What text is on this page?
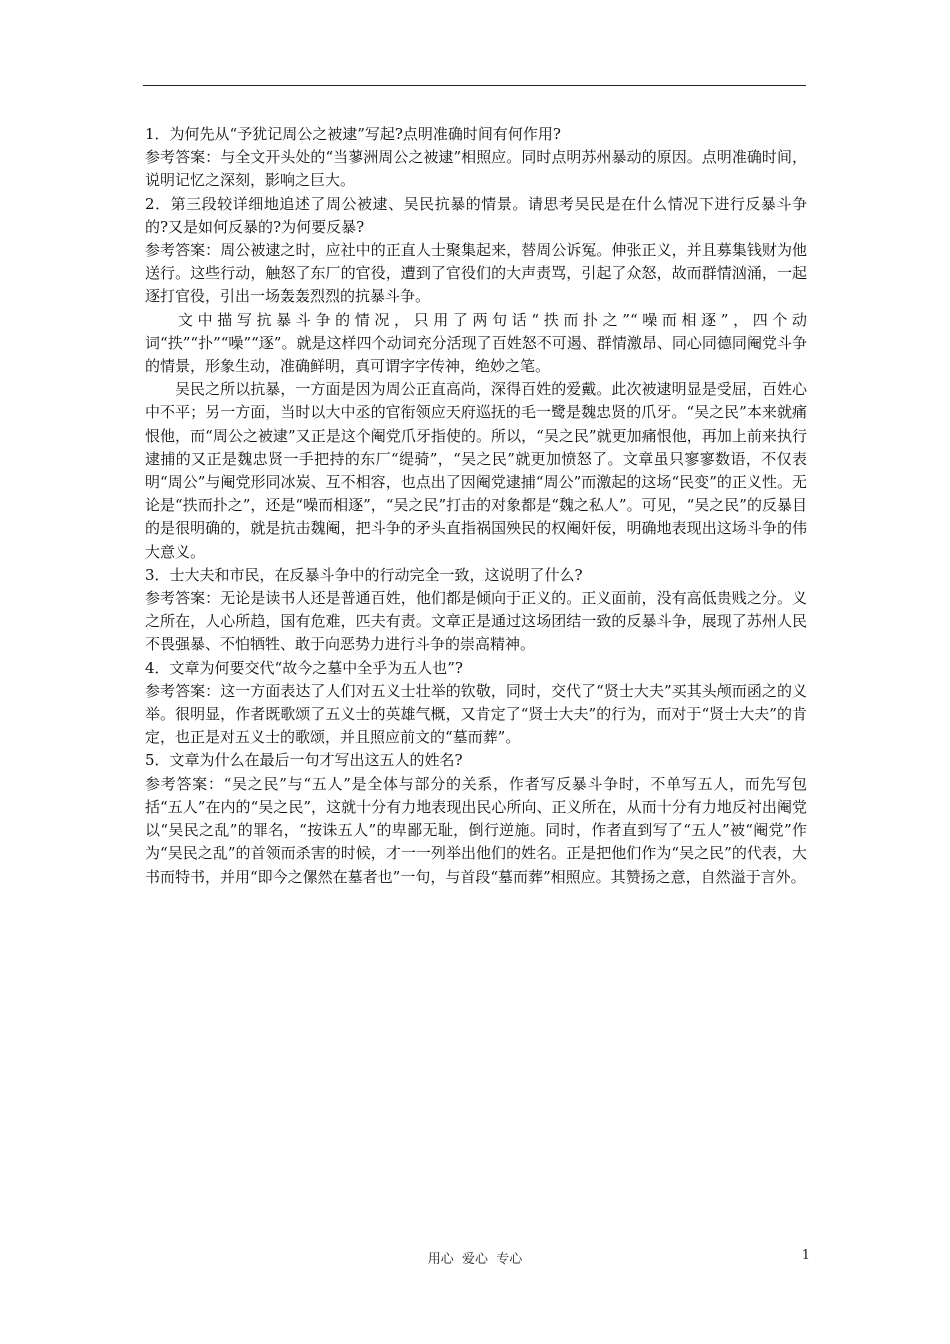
1．为何先从“予犹记周公之被逮”写起?点明准确时间有何作用?

参考答案：与全文开头处的“当蓼洲周公之被逮”相照应。同时点明苏州暴动的原因。点明准确时间，说明记忆之深刻，影响之巨大。

2．第三段较详细地追述了周公被逮、吴民抗暴的情景。请思考吴民是在什么情况下进行反暴斗争的?又是如何反暴的?为何要反暴?

参考答案：周公被逮之时，应社中的正直人士聚集起来，替周公诉冤。伸张正义，并且募集钱财为他送行。这些行动，触怒了东厂的官役，遭到了官役们的大声责骂，引起了众怒，故而群情汹涌，一起逐打官役，引出一场轰轰烈烈的抗暴斗争。

文中描写抗暴斗争的情况，只用了两句话“抶而扑之”“噪而相逐”，四个动词“抶”“扑”“噪”“逐”。就是这样四个动词充分活现了百姓怒不可遏、群情激昂、同心同德同阉党斗争的情景，形象生动，准确鲜明，真可谓字字传神，绝妙之笔。

吴民之所以抗暴，一方面是因为周公正直高尚，深得百姓的爱戴。此次被逮明显是受屈，百姓心中不平；另一方面，当时以大中丞的官衔领应天府巡抚的毛一鹭是魏忠贤的爪牙。“吴之民”本来就痛恨他，而“周公之被逮”又正是这个阉党爪牙指使的。所以，“吴之民”就更加痛恨他，再加上前来执行逮捕的又正是魏忠贤一手把持的东厂“缇骑”，“吴之民”就更加愤怒了。文章虽只寥寥数语，不仅表明“周公”与阉党形同冰炭、互不相容，也点出了因阉党逮捕“周公”而激起的这场“民变”的正义性。无论是“抶而扑之”，还是“噪而相逐”，“吴之民”打击的对象都是“魏之私人”。可见，“吴之民”的反暴目的是很明确的，就是抗击魏阉，把斗争的矛头直指祸国殃民的权阉奸佞，明确地表现出这场斗争的伟大意义。

3．士大夫和市民，在反暴斗争中的行动完全一致，这说明了什么?

参考答案：无论是读书人还是普通百姓，他们都是倾向于正义的。正义面前，没有高低贵贱之分。义之所在，人心所趋，国有危难，匹夫有责。文章正是通过这场团结一致的反暴斗争，展现了苏州人民不畏强暴、不怕牺牲、敢于向恶势力进行斗争的崇高精神。

4．文章为何要交代“故今之墓中全乎为五人也”?

参考答案：这一方面表达了人们对五义士壮举的钦敬，同时，交代了“贤士大夫”买其头颅而函之的义举。很明显，作者既歌颂了五义士的英雄气概，又肯定了“贤士大夫”的行为，而对于“贤士大夫”的肯定，也正是对五义士的歌颂，并且照应前文的“墓而葬”。

5．文章为什么在最后一句才写出这五人的姓名?

参考答案：“吴之民”与“五人”是全体与部分的关系，作者写反暴斗争时，不单写五人，而先写包括“五人”在内的“吴之民”，这就十分有力地表现出民心所向、正义所在，从而十分有力地反衬出阉党以“吴民之乱”的罪名，“按诛五人”的卑鄙无耻，倒行逆施。同时，作者直到写了“五人”被“阉党”作为“吴民之乱”的首领而杀害的时候，才一一列举出他们的姓名。正是把他们作为“吴之民”的代表，大书而特书，并用“即今之傫然在墓者也”一句，与首段“墓而葬”相照应。其赞扬之意，自然溢于言外。

用心  爱心  专心	1
